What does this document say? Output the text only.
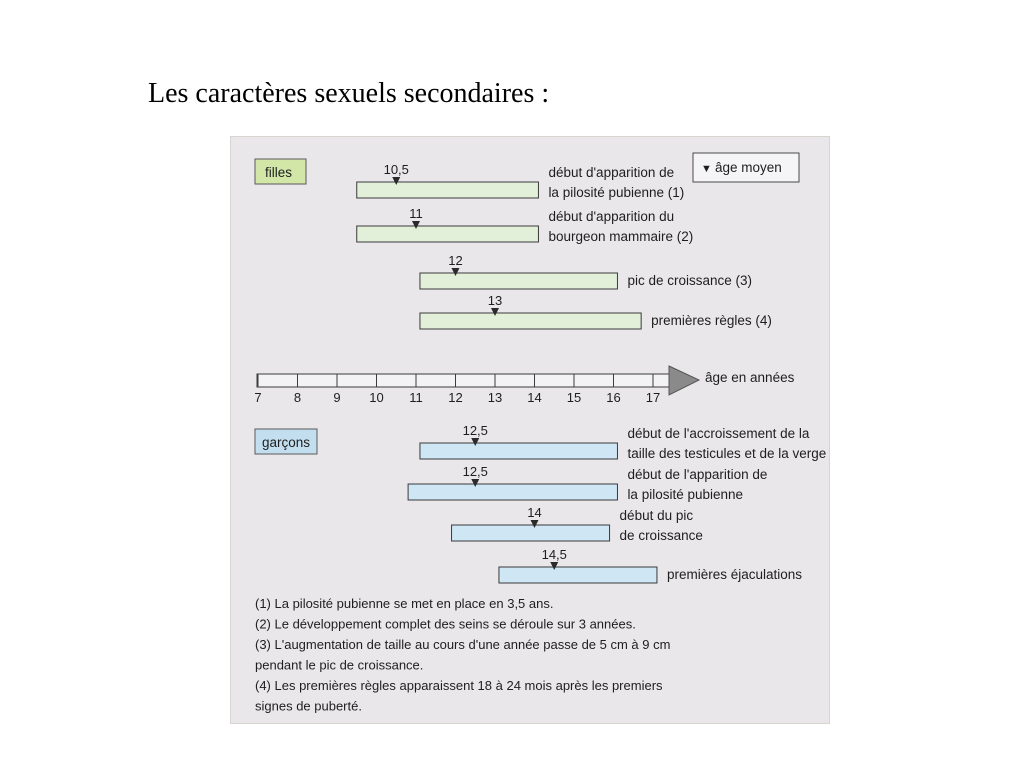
Les caractères sexuels secondaires :
▼ âge moyen
filles	10,5	début d'apparition de
la pilosité pubienne (1)
11	début d'apparition du
bourgeon mammaire (2)
12
pic de croissance (3)
13
premières règles (4)
âge en années
7 8 9 10 11 12 13 14 15 16 17
garçons
12,5	début de l'accroissement de la
taille des testicules et de la verge
12,5	début de l'apparition de
la pilosité pubienne
14	début du pic
de croissance
14,5
premières éjaculations
(1) La pilosité pubienne se met en place en 3,5 ans.
(2) Le développement complet des seins se déroule sur 3 années.
(3) L'augmentation de taille au cours d'une année passe de 5 cm à 9 cm
pendant le pic de croissance.
(4) Les premières règles apparaissent 18 à 24 mois après les premiers
signes de puberté.
